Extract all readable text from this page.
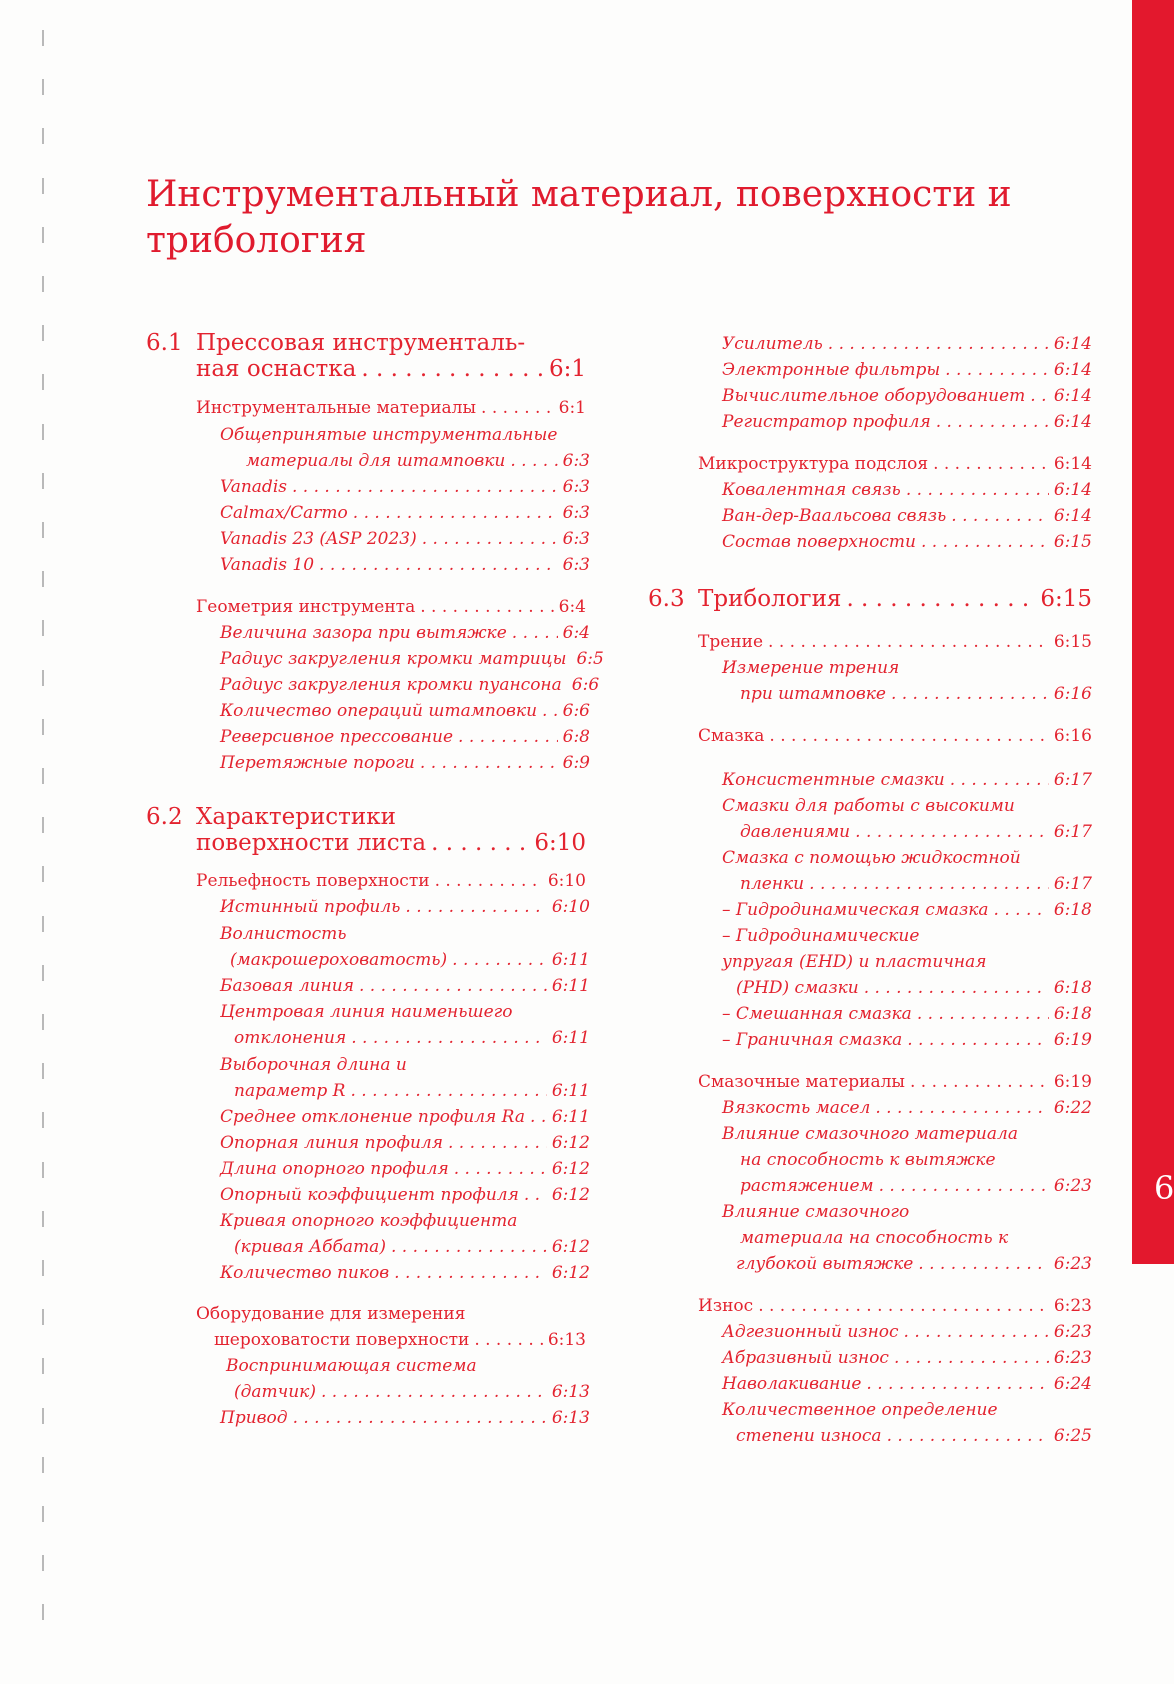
6
Инструментальный материал, поверхности и трибология
6.1 Прессовая инструменталь-
ная оснастка . . .	6:1
Инструментальные материалы . . .	6:1
Общепринятые инструментальные
материалы для штамповки . . .	6:3
Vanadis . . .	6:3
Calmax/Carmo . . .	6:3
Vanadis 23 (ASP 2023) . . .	6:3
Vanadis 10 . . .	6:3
Геометрия инструмента . . .	6:4
Величина зазора при вытяжке . . .	6:4
Радиус закругления кромки матрицы 6:5
Радиус закругления кромки пуансона 6:6
Количество операций штамповки . . . 6:6
Реверсивное прессование . . .	6:8
Перетяжные пороги . . .	6:9
6.2 Характеристики
поверхности листа . . .	6:10
Рельефность поверхности . . .	6:10
Истинный профиль . . .	6:10
Волнистость
(макрошероховатость) . . .	6:11
Базовая линия . . .	6:11
Центровая линия наименьшего
отклонения . . .	6:11
Выборочная длина и
параметр R . . .	6:11
Среднее отклонение профиля Ra . . . 6:11
Опорная линия профиля . . .	6:12
Длина опорного профиля . . .	6:12
Опорный коэффициент профиля . . . 6:12
Кривая опорного коэффициента
(кривая Аббата) . . .	6:12
Количество пиков . . .	6:12
Оборудование для измерения
шероховатости поверхности . . .	6:13
Воспринимающая система
(датчик) . . .	6:13
Привод . . .	6:13
Усилитель . . .	6:14
Электронные фильтры . . .	6:14
Вычислительное оборудованиет . . . 6:14
Регистратор профиля . . .	6:14
Микроструктура подслоя . . .	6:14
Ковалентная связь . . .	6:14
Ван-дер-Ваальсова связь . . .	6:14
Состав поверхности . . .	6:15
6.3 Трибология . . .	6:15
Трение . . .	6:15
Измерение трения
при штамповке . . .	6:16
Смазка . . .	6:16
Консистентные смазки . . .	6:17
Смазки для работы с высокими
давлениями . . .	6:17
Смазка с помощью жидкостной
пленки . . .	6:17
– Гидродинамическая смазка . . .	6:18
– Гидродинамические
упругая (EHD) и пластичная
(PHD) смазки . . .	6:18
– Смешанная смазка . . .	6:18
– Граничная смазка . . .	6:19
Смазочные материалы . . .	6:19
Вязкость масел . . .	6:22
Влияние смазочного материала
на способность к вытяжке
растяжением . . .	6:23
Влияние смазочного
материала на способность к
глубокой вытяжке . . .	6:23
Износ . . .	6:23
Адгезионный износ . . .	6:23
Абразивный износ . . .	6:23
Наволакивание . . .	6:24
Количественное определение
степени износа . . .	6:25
